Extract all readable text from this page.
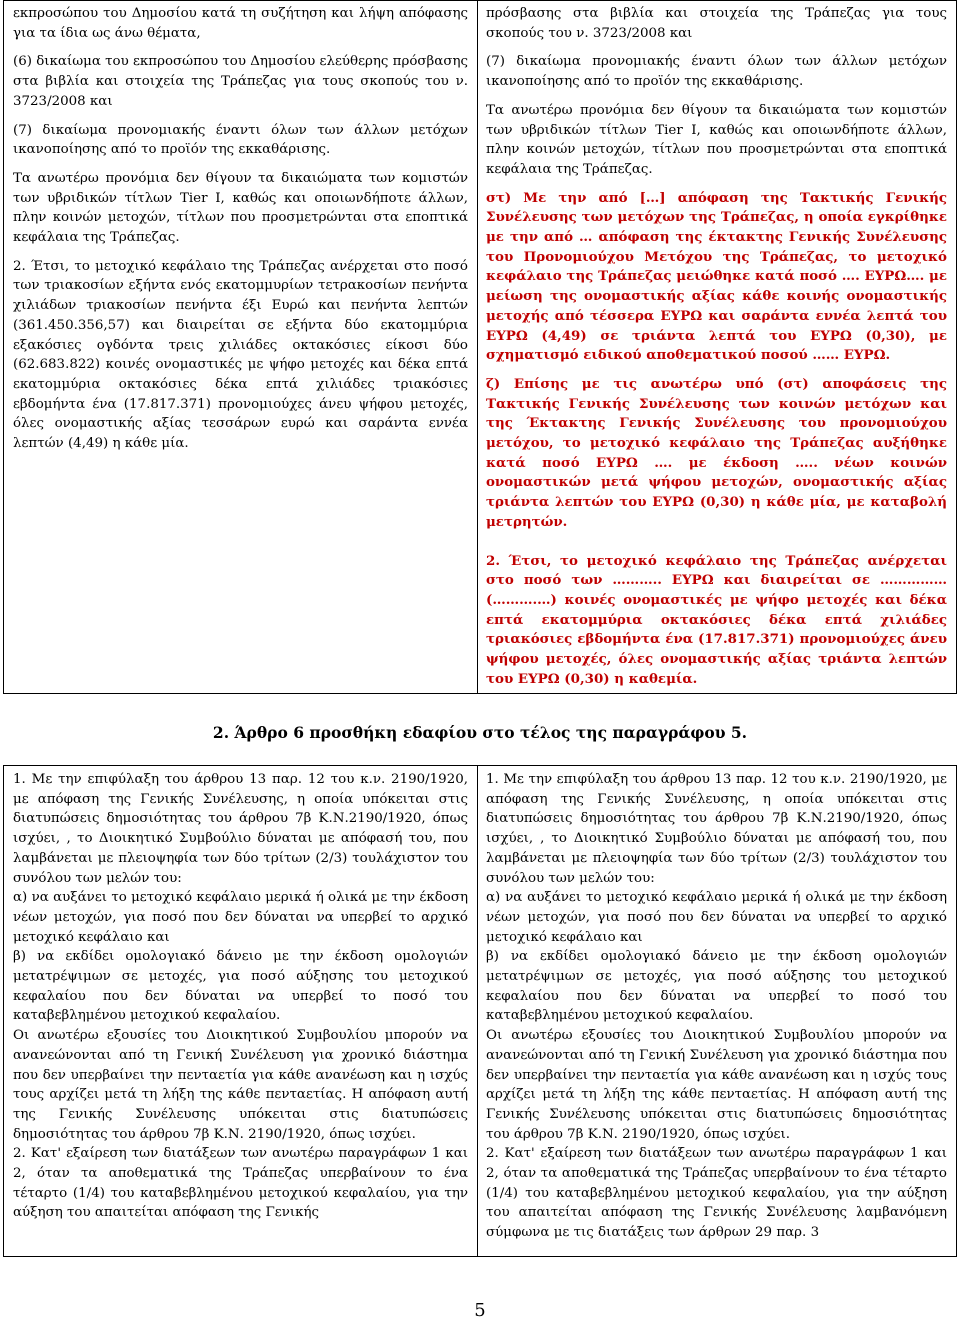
εκπροσώπου του Δημοσίου κατά τη συζήτηση και λήψη απόφασης για τα ίδια ως άνω θέματα,

(6) δικαίωμα του εκπροσώπου του Δημοσίου ελεύθερης πρόσβασης στα βιβλία και στοιχεία της Τράπεζας για τους σκοπούς του ν. 3723/2008 και

(7) δικαίωμα προνομιακής έναντι όλων των άλλων μετόχων ικανοποίησης από το προϊόν της εκκαθάρισης.

Τα ανωτέρω προνόμια δεν θίγουν τα δικαιώματα των κομιστών των υβριδικών τίτλων Tier I, καθώς και οποιωνδήποτε άλλων, πλην κοινών μετοχών, τίτλων που προσμετρώνται στα εποπτικά κεφάλαια της Τράπεζας.

2. Έτσι, το μετοχικό κεφάλαιο της Τράπεζας ανέρχεται στο ποσό των τριακοσίων εξήντα ενός εκατομμυρίων τετρακοσίων πενήντα χιλιάδων τριακοσίων πενήντα έξι Ευρώ και πενήντα λεπτών (361.450.356,57) και διαιρείται σε εξήντα δύο εκατομμύρια εξακόσιες ογδόντα τρεις χιλιάδες οκτακόσιες είκοσι δύο (62.683.822) κοινές ονομαστικές με ψήφο μετοχές και δέκα επτά εκατομμύρια οκτακόσιες δέκα επτά χιλιάδες τριακόσιες εβδομήντα ένα (17.817.371) προνομιούχες άνευ ψήφου μετοχές, όλες ονομαστικής αξίας τεσσάρων ευρώ και σαράντα εννέα λεπτών (4,49) η κάθε μία.

πρόσβασης στα βιβλία και στοιχεία της Τράπεζας για τους σκοπούς του ν. 3723/2008 και

(7) δικαίωμα προνομιακής έναντι όλων των άλλων μετόχων ικανοποίησης από το προϊόν της εκκαθάρισης.

Τα ανωτέρω προνόμια δεν θίγουν τα δικαιώματα των κομιστών των υβριδικών τίτλων Tier I, καθώς και οποιωνδήποτε άλλων, πλην κοινών μετοχών, τίτλων που προσμετρώνται στα εποπτικά κεφάλαια της Τράπεζας.

στ) Με την από […] απόφαση της Τακτικής Γενικής Συνέλευσης των μετόχων της Τράπεζας, η οποία εγκρίθηκε με την από … απόφαση της έκτακτης Γενικής Συνέλευσης του Προνομιούχου Μετόχου της Τράπεζας, το μετοχικό κεφάλαιο της Τράπεζας μειώθηκε κατά ποσό …. ΕΥΡΩ…. με μείωση της ονομαστικής αξίας κάθε κοινής ονομαστικής μετοχής από τέσσερα ΕΥΡΩ και σαράντα εννέα λεπτά του ΕΥΡΩ (4,49) σε τριάντα λεπτά του ΕΥΡΩ (0,30), με σχηματισμό ειδικού αποθεματικού ποσού …… ΕΥΡΩ.

ζ) Επίσης με τις ανωτέρω υπό (στ) αποφάσεις της Τακτικής Γενικής Συνέλευσης των κοινών μετόχων και της Έκτακτης Γενικής Συνέλευσης του προνομιούχου μετόχου, το μετοχικό κεφάλαιο της Τράπεζας αυξήθηκε κατά ποσό ΕΥΡΩ …. με έκδοση ….. νέων κοινών ονομαστικών μετά ψήφου μετοχών, ονομαστικής αξίας τριάντα λεπτών του ΕΥΡΩ (0,30) η κάθε μία, με καταβολή μετρητών.

2. Έτσι, το μετοχικό κεφάλαιο της Τράπεζας ανέρχεται στο ποσό των ……….. ΕΥΡΩ και διαιρείται σε ……………(……….…) κοινές ονομαστικές με ψήφο μετοχές και δέκα επτά εκατομμύρια οκτακόσιες δέκα επτά χιλιάδες τριακόσιες εβδομήντα ένα (17.817.371) προνομιούχες άνευ ψήφου μετοχές, όλες ονομαστικής αξίας τριάντα λεπτών του ΕΥΡΩ (0,30) η καθεμία.

2. Άρθρο 6 προσθήκη εδαφίου στο τέλος της παραγράφου 5.

1. Με την επιφύλαξη του άρθρου 13 παρ. 12 του κ.ν. 2190/1920, με απόφαση της Γενικής Συνέλευσης, η οποία υπόκειται στις διατυπώσεις δημοσιότητας του άρθρου 7β Κ.Ν.2190/1920, όπως ισχύει, , το Διοικητικό Συμβούλιο δύναται με απόφασή του, που λαμβάνεται με πλειοψηφία των δύο τρίτων (2/3) τουλάχιστον του συνόλου των μελών του:

α) να αυξάνει το μετοχικό κεφάλαιο μερικά ή ολικά με την έκδοση νέων μετοχών, για ποσό που δεν δύναται να υπερβεί το αρχικό μετοχικό κεφάλαιο και

β) να εκδίδει ομολογιακό δάνειο με την έκδοση ομολογιών μετατρέψιμων σε μετοχές, για ποσό αύξησης του μετοχικού κεφαλαίου που δεν δύναται να υπερβεί το ποσό του καταβεβλημένου μετοχικού κεφαλαίου.

Οι ανωτέρω εξουσίες του Διοικητικού Συμβουλίου μπορούν να ανανεώνονται από τη Γενική Συνέλευση για χρονικό διάστημα που δεν υπερβαίνει την πενταετία για κάθε ανανέωση και η ισχύς τους αρχίζει μετά τη λήξη της κάθε πενταετίας. Η απόφαση αυτή της Γενικής Συνέλευσης υπόκειται στις διατυπώσεις δημοσιότητας του άρθρου 7β Κ.Ν. 2190/1920, όπως ισχύει.

2. Κατ' εξαίρεση των διατάξεων των ανωτέρω παραγράφων 1 και 2, όταν τα αποθεματικά της Τράπεζας υπερβαίνουν το ένα τέταρτο (1/4) του καταβεβλημένου μετοχικού κεφαλαίου, για την αύξηση του απαιτείται απόφαση της Γενικής

1. Με την επιφύλαξη του άρθρου 13 παρ. 12 του κ.ν. 2190/1920, με απόφαση της Γενικής Συνέλευσης, η οποία υπόκειται στις διατυπώσεις δημοσιότητας του άρθρου 7β Κ.Ν.2190/1920, όπως ισχύει, , το Διοικητικό Συμβούλιο δύναται με απόφασή του, που λαμβάνεται με πλειοψηφία των δύο τρίτων (2/3) τουλάχιστον του συνόλου των μελών του:

α) να αυξάνει το μετοχικό κεφάλαιο μερικά ή ολικά με την έκδοση νέων μετοχών, για ποσό που δεν δύναται να υπερβεί το αρχικό μετοχικό κεφάλαιο και

β) να εκδίδει ομολογιακό δάνειο με την έκδοση ομολογιών μετατρέψιμων σε μετοχές, για ποσό αύξησης του μετοχικού κεφαλαίου που δεν δύναται να υπερβεί το ποσό του καταβεβλημένου μετοχικού κεφαλαίου.

Οι ανωτέρω εξουσίες του Διοικητικού Συμβουλίου μπορούν να ανανεώνονται από τη Γενική Συνέλευση για χρονικό διάστημα που δεν υπερβαίνει την πενταετία για κάθε ανανέωση και η ισχύς τους αρχίζει μετά τη λήξη της κάθε πενταετίας. Η απόφαση αυτή της Γενικής Συνέλευσης υπόκειται στις διατυπώσεις δημοσιότητας του άρθρου 7β Κ.Ν. 2190/1920, όπως ισχύει.

2. Κατ' εξαίρεση των διατάξεων των ανωτέρω παραγράφων 1 και 2, όταν τα αποθεματικά της Τράπεζας υπερβαίνουν το ένα τέταρτο (1/4) του καταβεβλημένου μετοχικού κεφαλαίου, για την αύξηση του απαιτείται απόφαση της Γενικής Συνέλευσης λαμβανόμενη σύμφωνα με τις διατάξεις των άρθρων 29 παρ. 3

5
